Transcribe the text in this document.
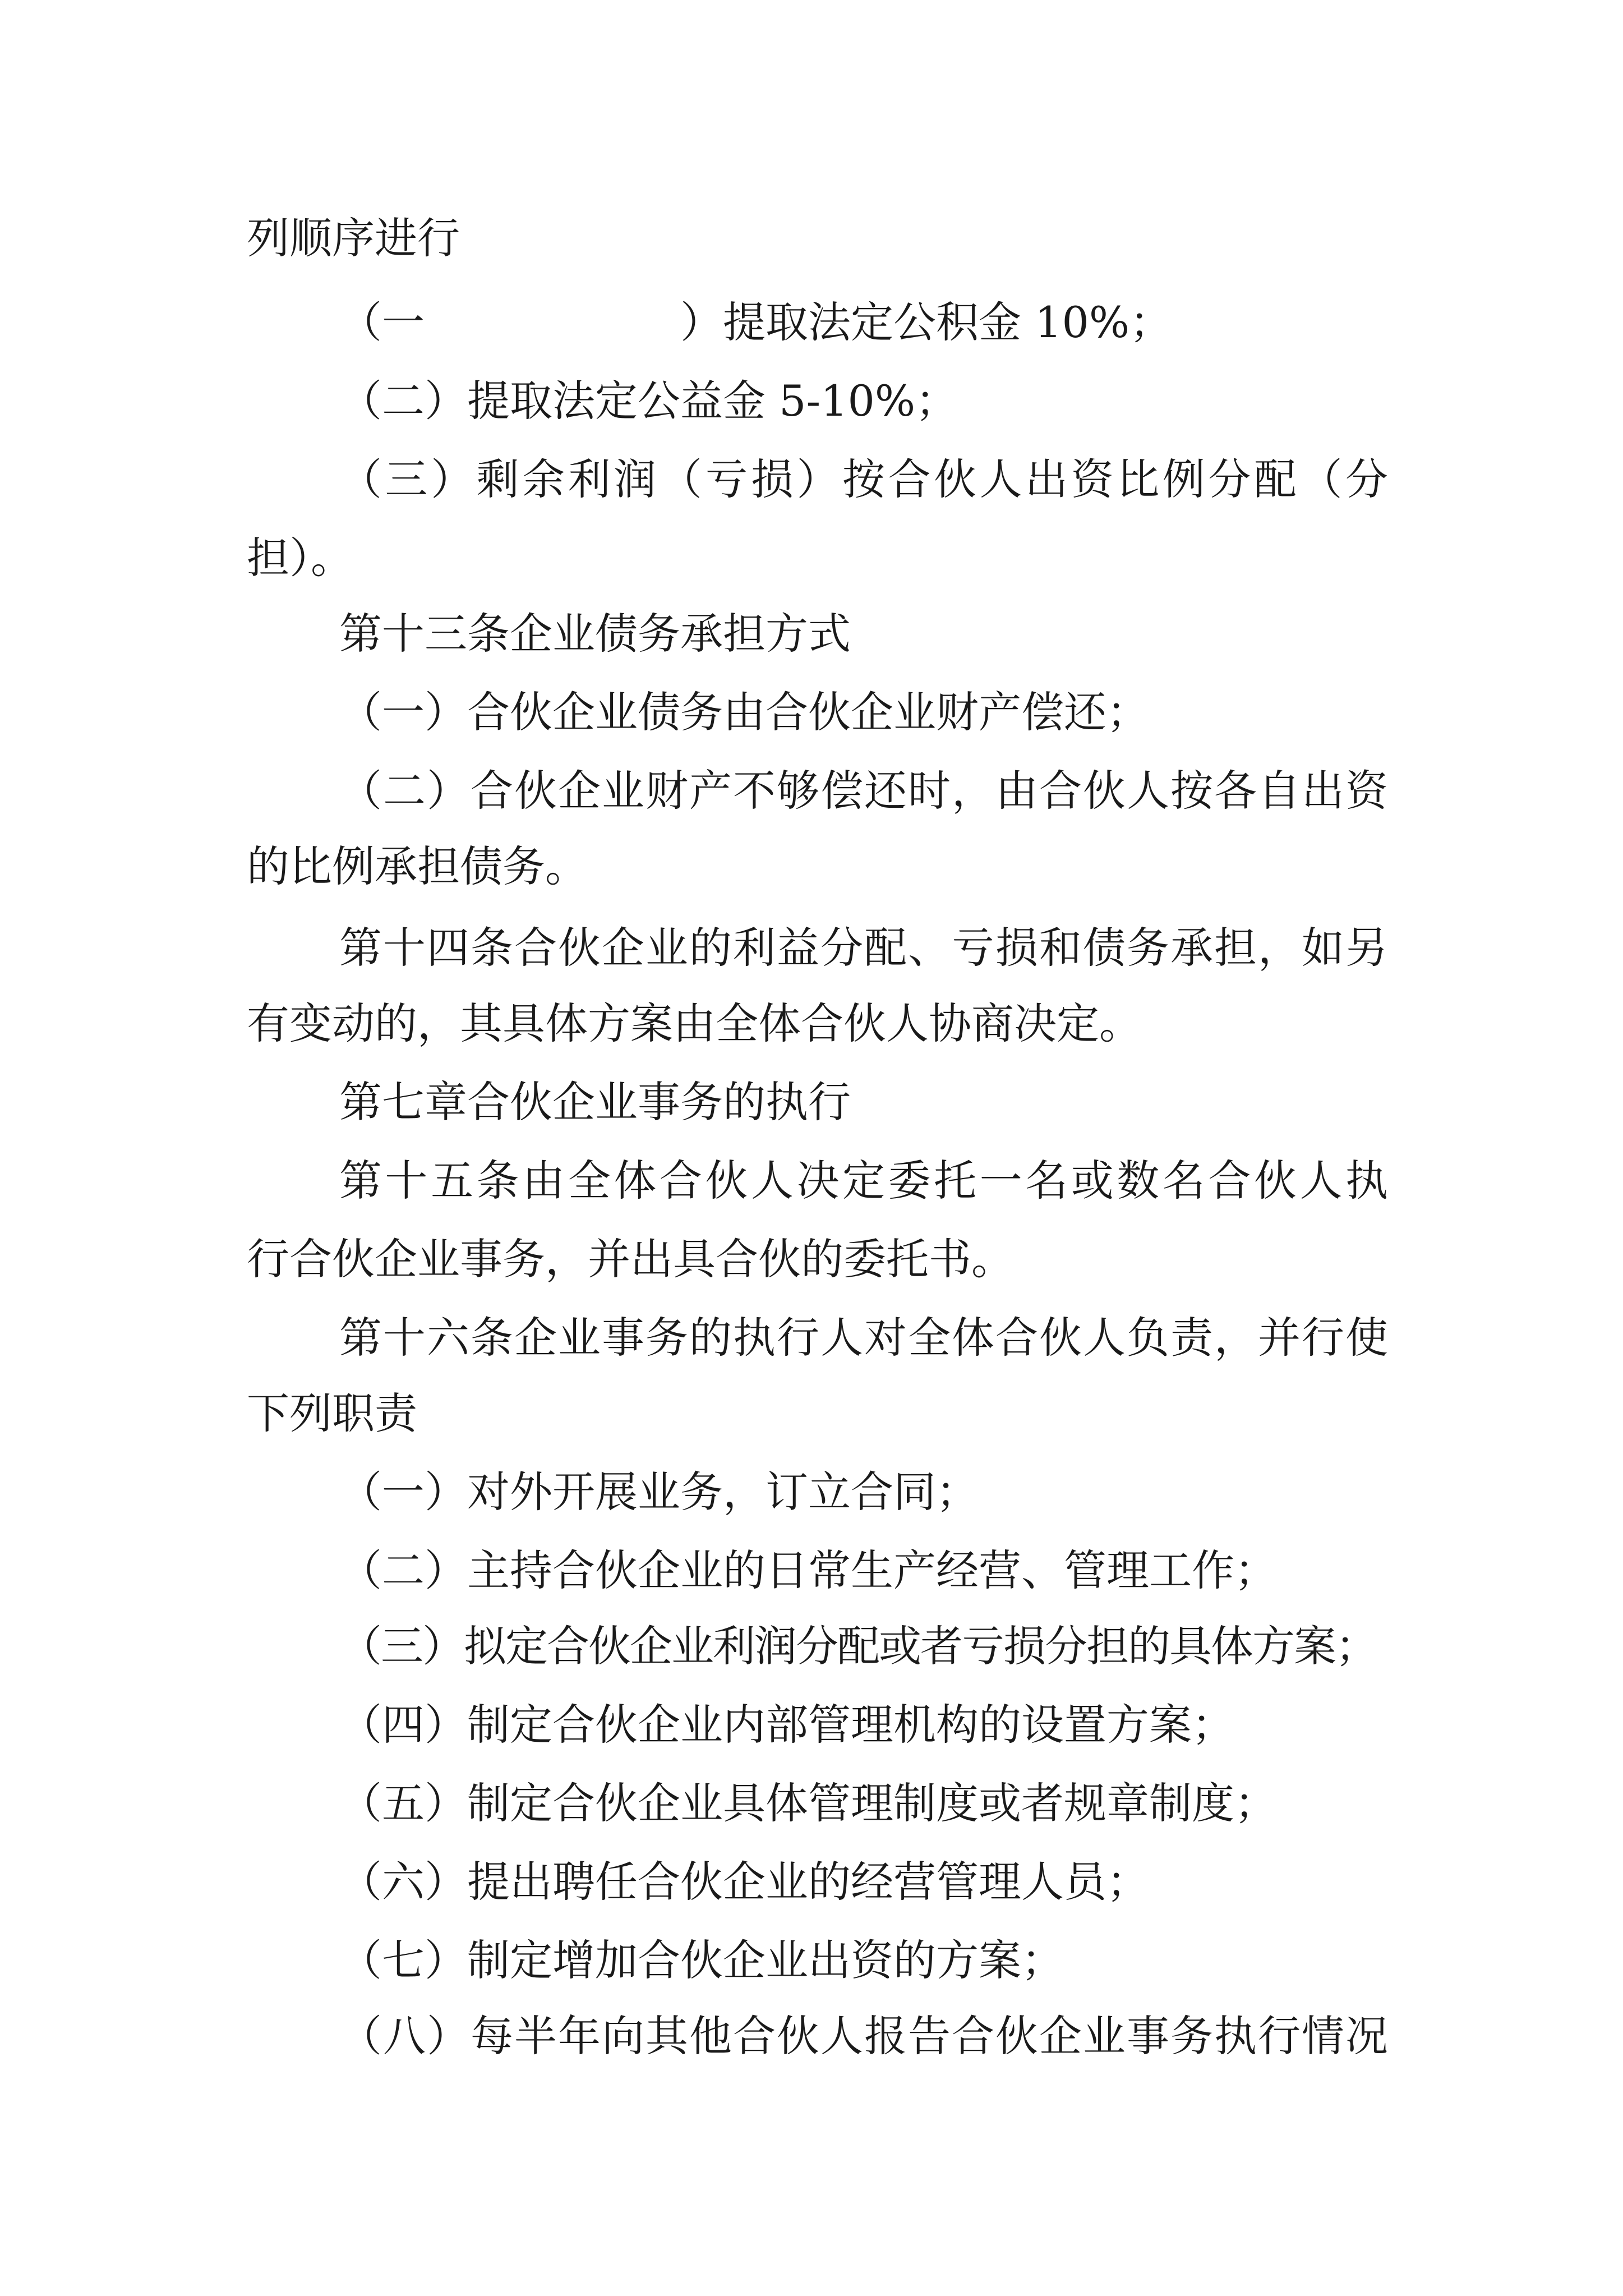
列顺序进行
（一　　　　　　）提取法定公积金 10%；
（二）提取法定公益金 5-10%；
（三）剩余利润（亏损）按合伙人出资比例分配（分
担）。
第十三条企业债务承担方式
（一）合伙企业债务由合伙企业财产偿还；
（二）合伙企业财产不够偿还时，由合伙人按各自出资
的比例承担债务。
第十四条合伙企业的利益分配、亏损和债务承担，如另
有变动的，其具体方案由全体合伙人协商决定。
第七章合伙企业事务的执行
第十五条由全体合伙人决定委托一名或数名合伙人执
行合伙企业事务，并出具合伙的委托书。
第十六条企业事务的执行人对全体合伙人负责，并行使
下列职责
（一）对外开展业务，订立合同；
（二）主持合伙企业的日常生产经营、管理工作；
（三）拟定合伙企业利润分配或者亏损分担的具体方案；
（四）制定合伙企业内部管理机构的设置方案；
（五）制定合伙企业具体管理制度或者规章制度；
（六）提出聘任合伙企业的经营管理人员；
（七）制定增加合伙企业出资的方案；
（八）每半年向其他合伙人报告合伙企业事务执行情况
